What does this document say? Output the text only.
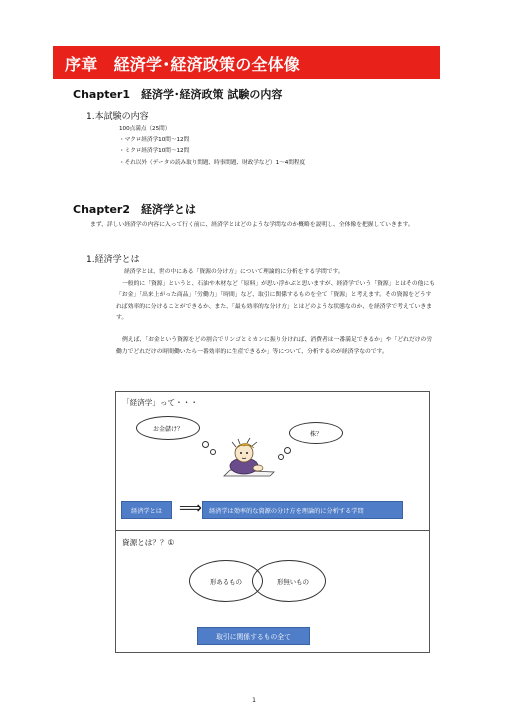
序章　経済学･経済政策の全体像
Chapter1　経済学･経済政策 試験の内容
1.本試験の内容
100点満点（25問）
・マクロ経済学10問～12問
・ミクロ経済学10問～12問
・それ以外（データの読み取り問題、時事問題、財政学など）1～4問程度
Chapter2　経済学とは
まず、詳しい経済学の内容に入って行く前に、経済学とはどのような学問なのか概略を説明し、全体像を把握していきます。
1.経済学とは

経済学とは、世の中にある「資源の分け方」について理論的に分析をする学問です。

一般的に「資源」というと、石油や木材など「原料」が思い浮かぶと思いますが、経済学でいう「資源」とはその他にも「お金」「出来上がった商品」「労働力」「時間」など、取引に関係するものを全て「資源」と考えます。その資源をどうすれば効率的に分けることができるか、また、「最も効率的な分け方」とはどのような状態なのか、を経済学で考えていきます。

例えば、「お金という資源をどの割合でリンゴとミカンに振り分ければ、消費者は一番満足できるか」や「どれだけの労働力でどれだけの時間働いたら一番効率的に生産できるか」等について、分析するのが経済学なのです。

「経済学」って・・・
お金儲け？
株？
経済学とは ⟹ 経済学は効率的な資源の分け方を理論的に分析する学問
資源とは？？①
形あるもの	形無いもの
取引に関係するもの全て
1
